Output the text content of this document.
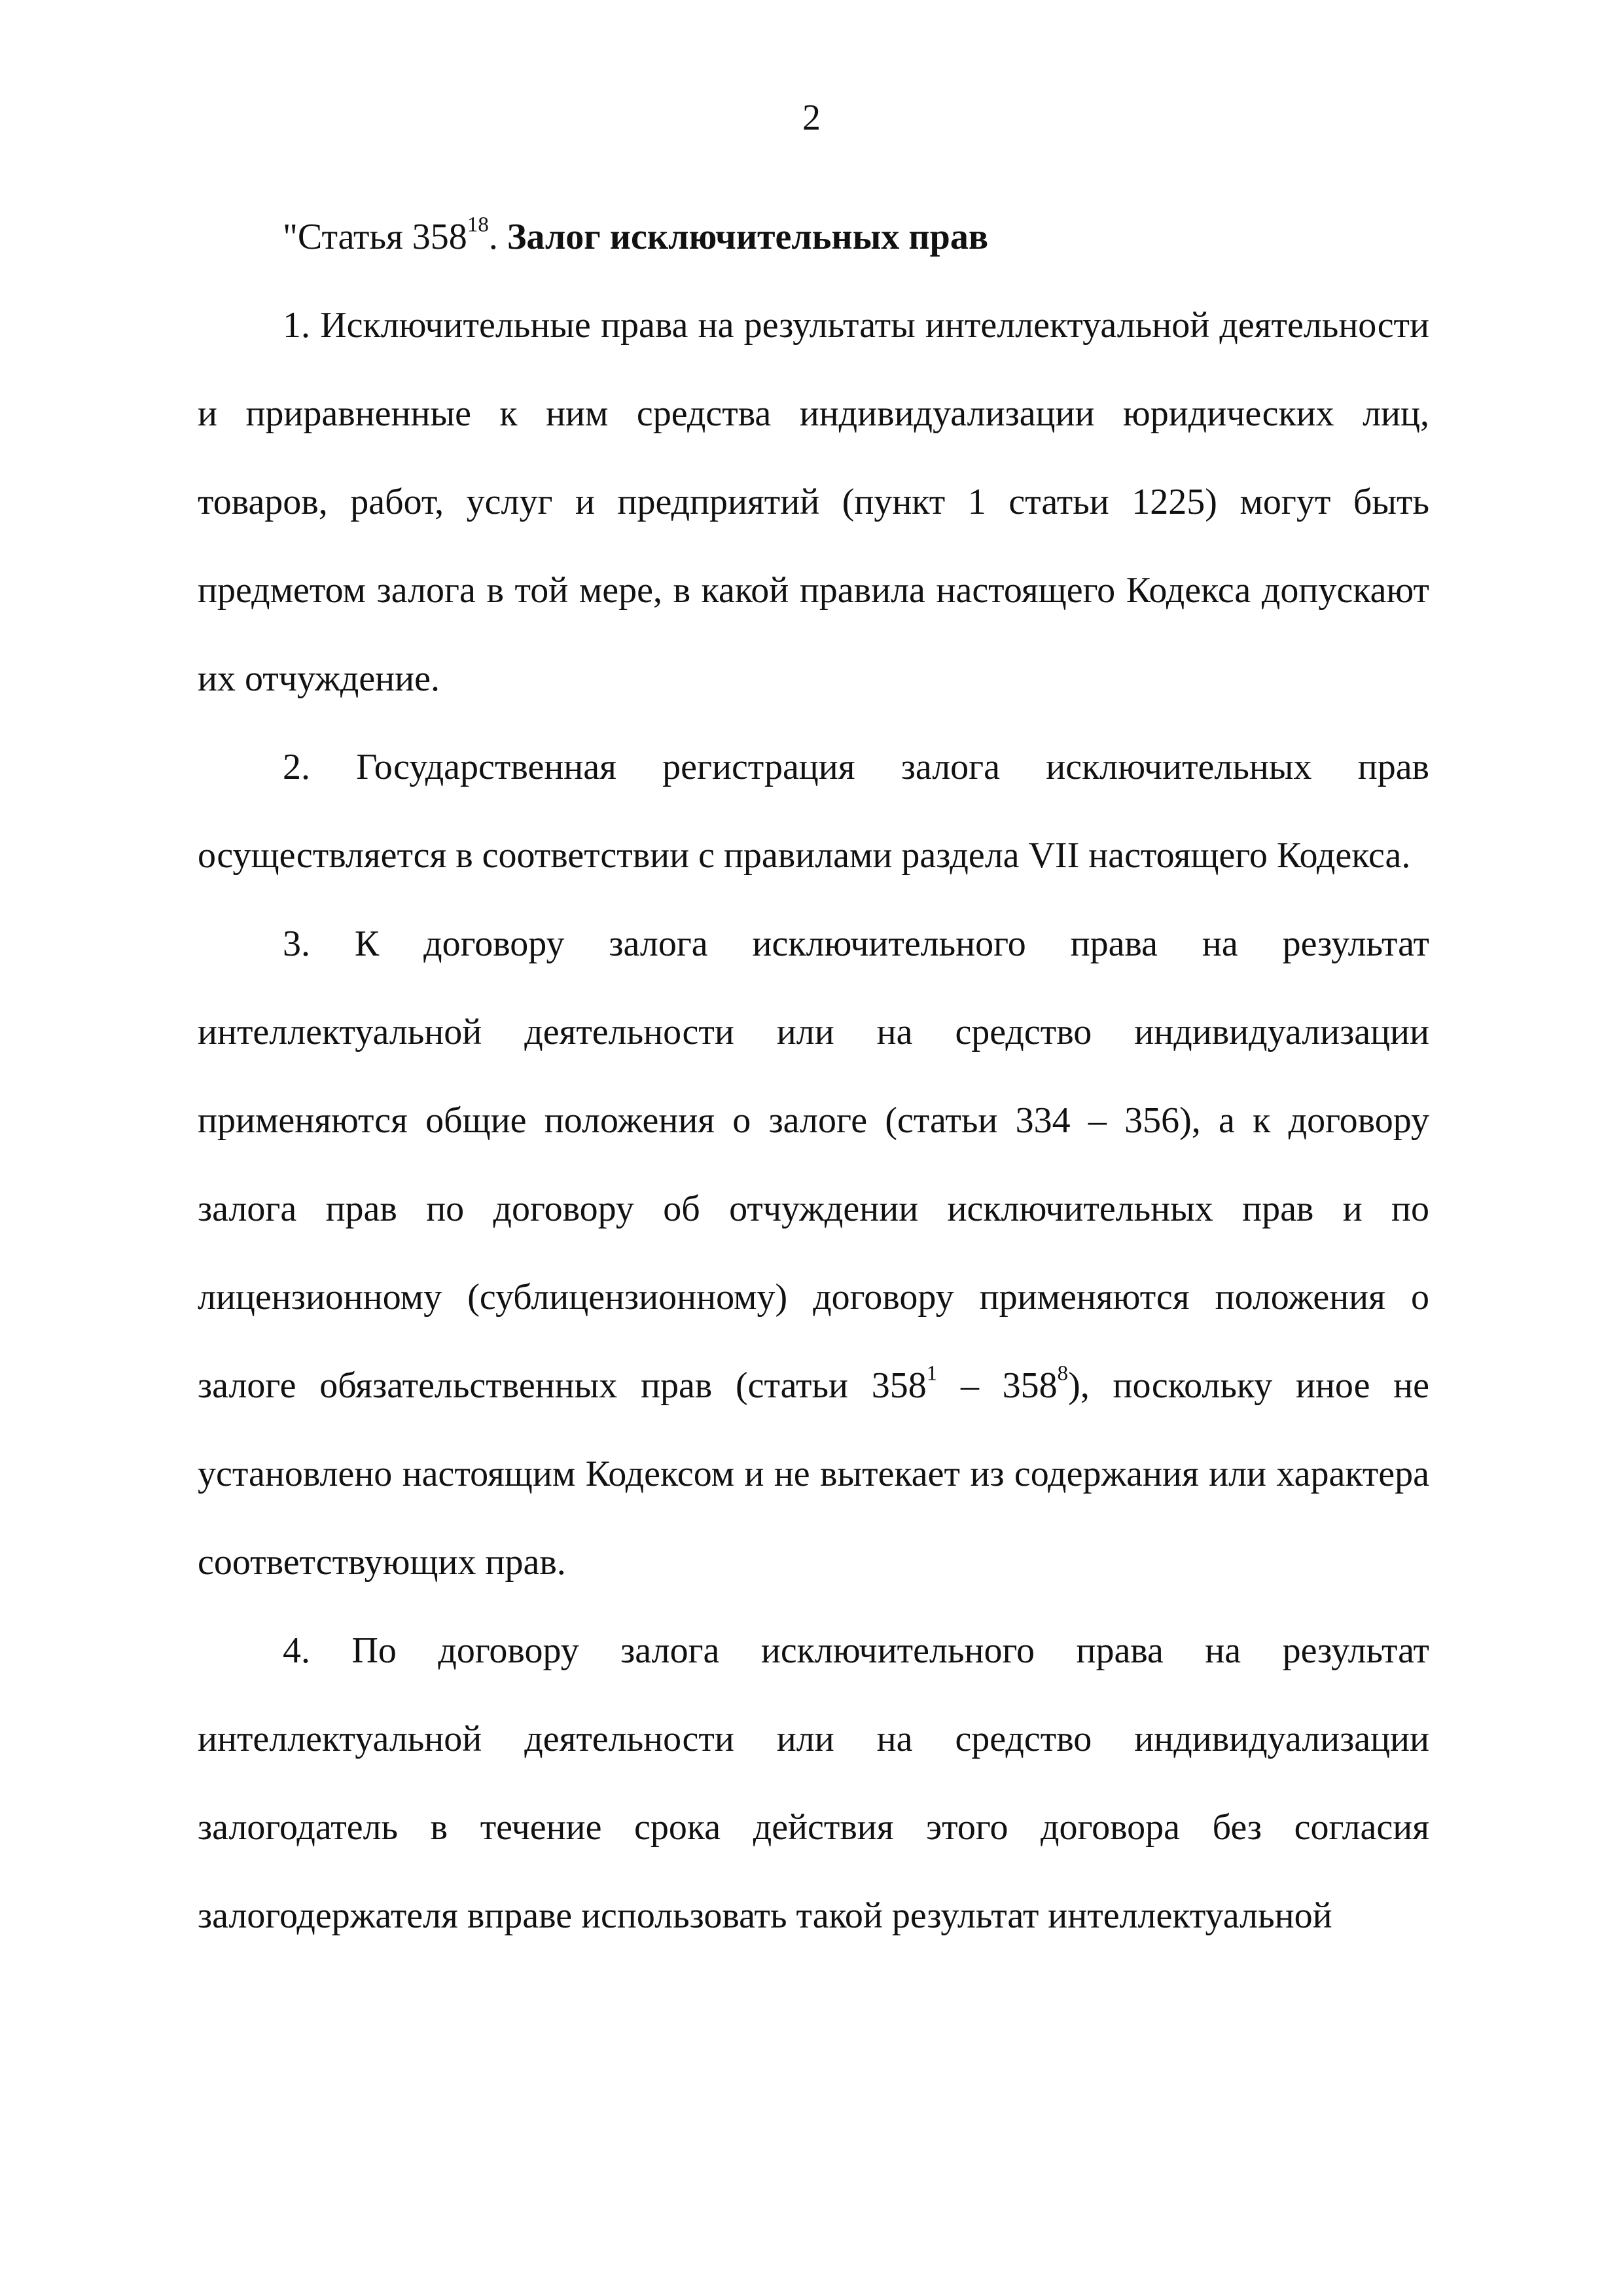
2
"Статья $358^{18}$. Залог исключительных прав

1. Исключительные права на результаты интеллектуальной деятельности и приравненные к ним средства индивидуализации юридических лиц, товаров, работ, услуг и предприятий (пункт 1 статьи 1225) могут быть предметом залога в той мере, в какой правила настоящего Кодекса допускают их отчуждение.

2. Государственная регистрация залога исключительных прав осуществляется в соответствии с правилами раздела VII настоящего Кодекса.

3. К договору залога исключительного права на результат интеллектуальной деятельности или на средство индивидуализации применяются общие положения о залоге (статьи 334 – 356), а к договору залога прав по договору об отчуждении исключительных прав и по лицензионному (сублицензионному) договору применяются положения о залоге обязательственных прав (статьи $358^1 - 358^8$), поскольку иное не установлено настоящим Кодексом и не вытекает из содержания или характера соответствующих прав.

4. По договору залога исключительного права на результат интеллектуальной деятельности или на средство индивидуализации залогодатель в течение срока действия этого договора без согласия залогодержателя вправе использовать такой результат интеллектуальной
